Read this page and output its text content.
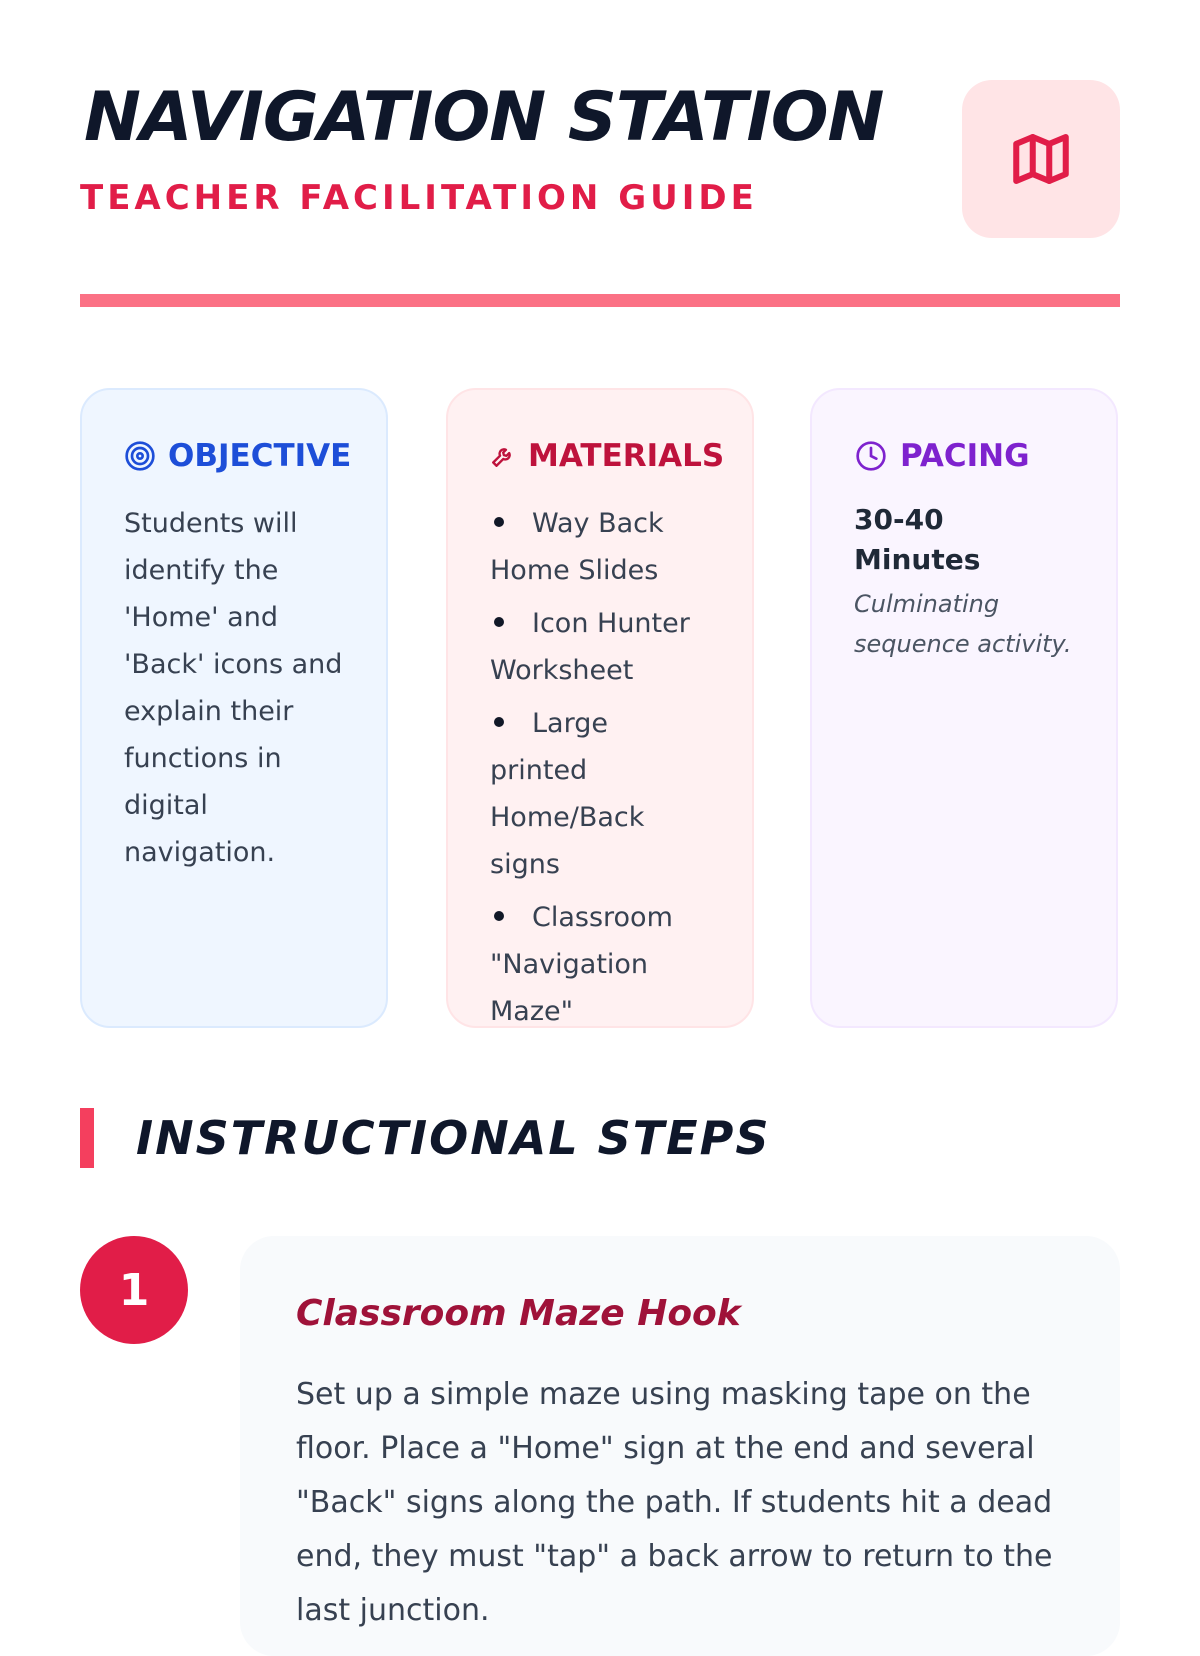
NAVIGATION STATION
TEACHER FACILITATION GUIDE
OBJECTIVE
Students will identify the 'Home' and 'Back' icons and explain their functions in digital navigation.
MATERIALS
Way Back Home Slides
Icon Hunter Worksheet
Large printed Home/Back signs
Classroom "Navigation Maze"
PACING
30-40 Minutes
Culminating sequence activity.
INSTRUCTIONAL STEPS
1	Classroom Maze Hook
Set up a simple maze using masking tape on the floor. Place a "Home" sign at the end and several "Back" signs along the path. If students hit a dead end, they must "tap" a back arrow to return to the last junction.
